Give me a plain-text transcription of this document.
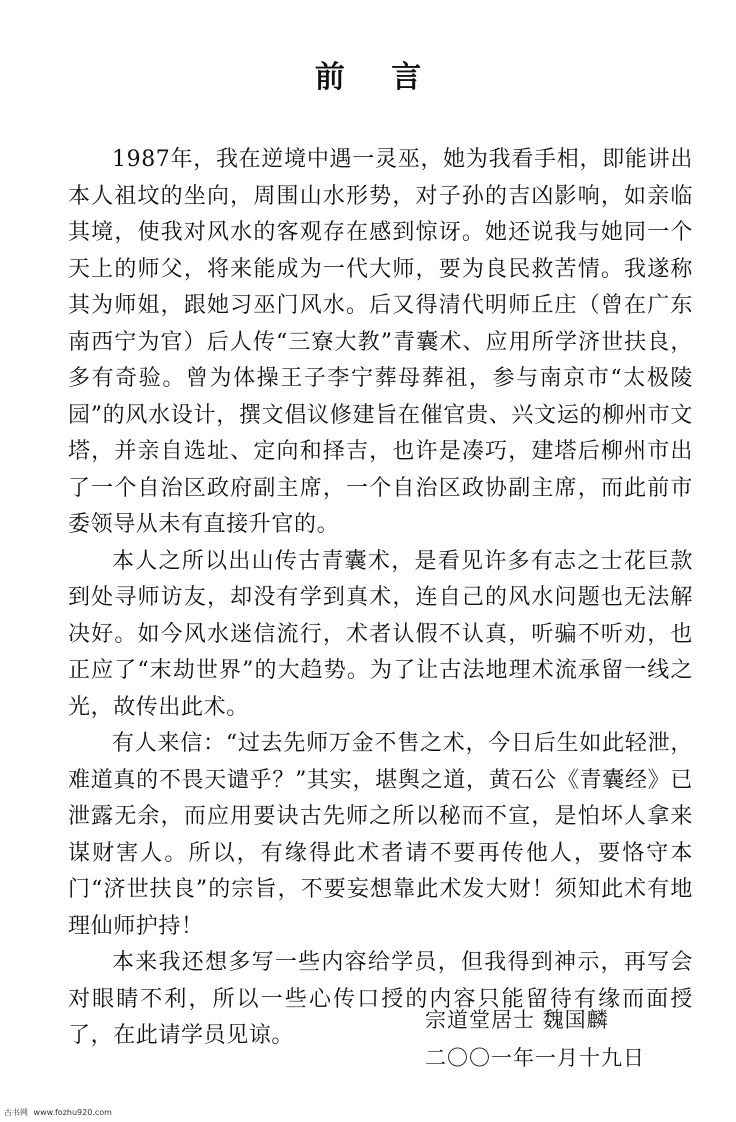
前 言

1987年，我在逆境中遇一灵巫，她为我看手相，即能讲出本人祖坟的坐向，周围山水形势，对子孙的吉凶影响，如亲临其境，使我对风水的客观存在感到惊讶。她还说我与她同一个天上的师父，将来能成为一代大师，要为良民救苦情。我遂称其为师姐，跟她习巫门风水。后又得清代明师丘庄（曾在广东 南西宁为官）后人传“三寮大教”青囊术、应用所学济世扶良，多有奇验。曾为体操王子李宁葬母葬祖，参与南京市“太极陵园”的风水设计，撰文倡议修建旨在催官贵、兴文运的柳州市文塔，并亲自选址、定向和择吉，也许是凑巧，建塔后柳州市出了一个自治区政府副主席，一个自治区政协副主席，而此前市委领导从未有直接升官的。

本人之所以出山传古青囊术，是看见许多有志之士花巨款到处寻师访友，却没有学到真术，连自己的风水问题也无法解决好。如今风水迷信流行，术者认假不认真，听骗不听劝，也正应了“末劫世界”的大趋势。为了让古法地理术流承留一线之光，故传出此术。

有人来信：“过去先师万金不售之术，今日后生如此轻泄，难道真的不畏天谴乎？”其实，堪舆之道，黄石公《青囊经》已泄露无余，而应用要诀古先师之所以秘而不宣，是怕坏人拿来谋财害人。所以，有缘得此术者请不要再传他人，要恪守本门“济世扶良”的宗旨，不要妄想靠此术发大财！须知此术有地理仙师护持！

本来我还想多写一些内容给学员，但我得到神示，再写会对眼睛不利，所以一些心传口授的内容只能留待有缘而面授了，在此请学员见谅。

宗道堂居士 魏国麟
二〇〇一年一月十九日
古书网 www.fozhu920.com
